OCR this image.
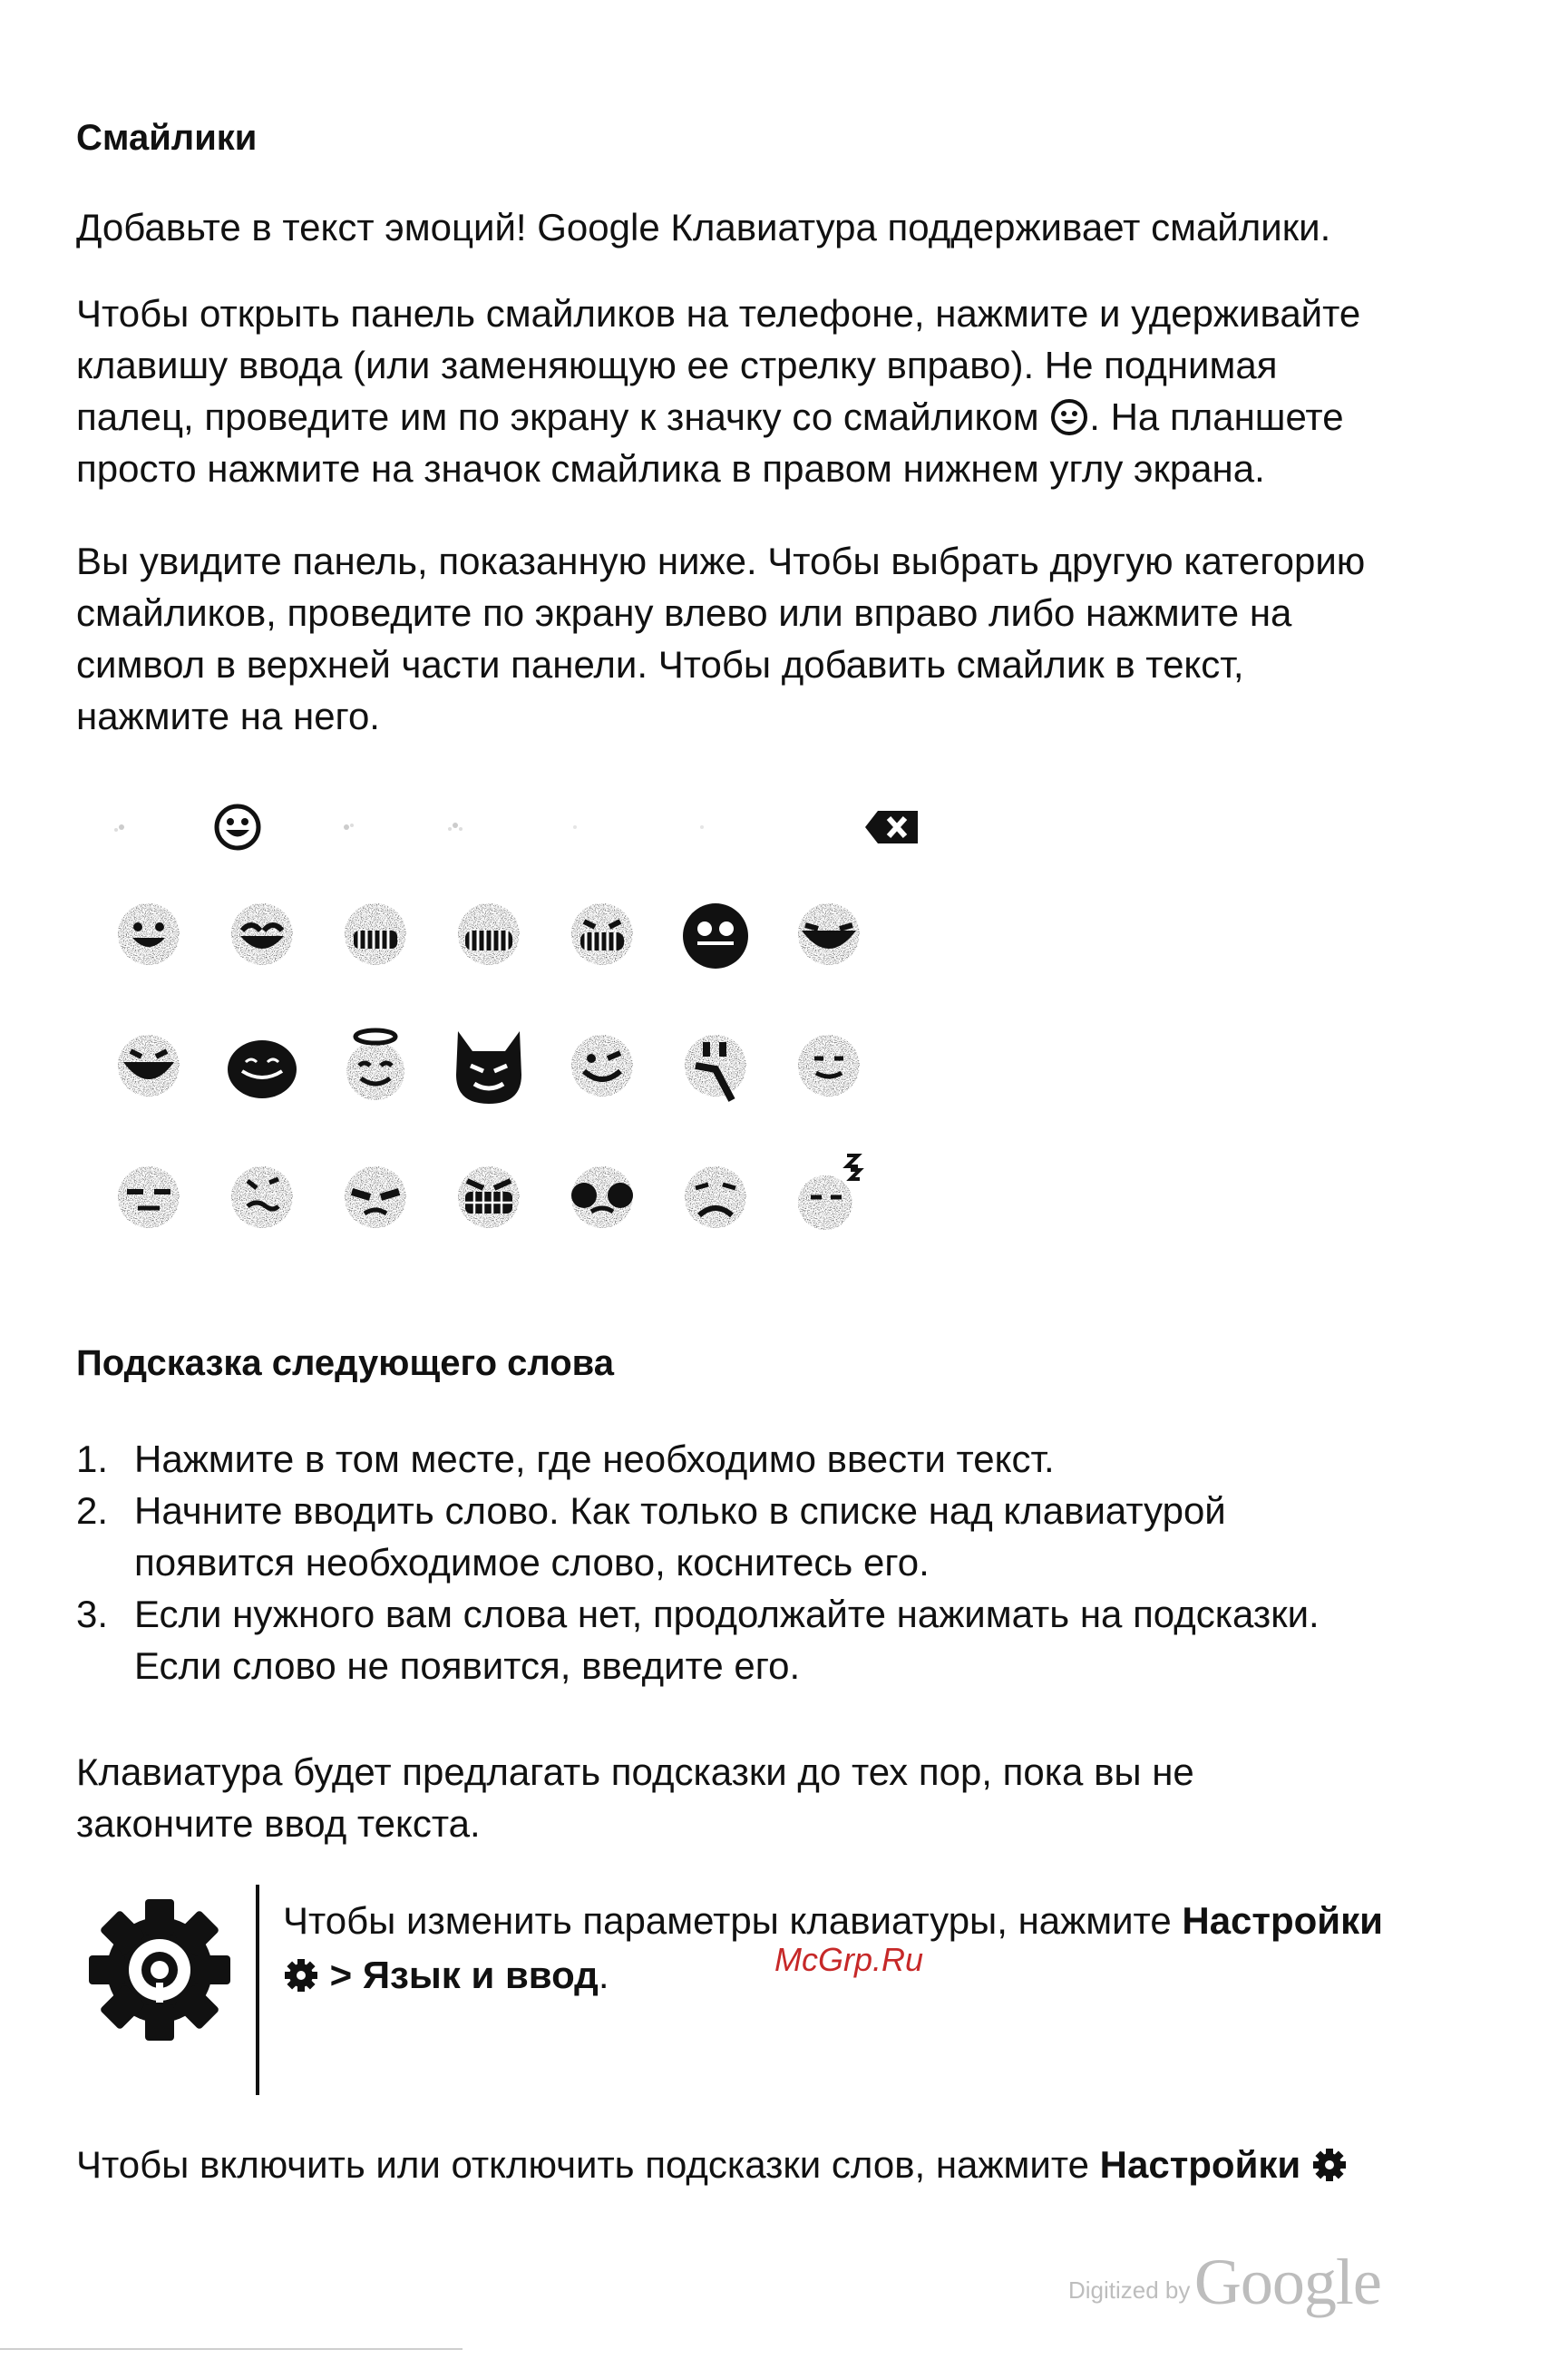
Смайлики

Добавьте в текст эмоций! Google Клавиатура поддерживает смайлики.

Чтобы открыть панель смайликов на телефоне, нажмите и удерживайте
клавишу ввода (или заменяющую ее стрелку вправо). Не поднимая
палец, проведите им по экрану к значку со смайликом . На планшете
просто нажмите на значок смайлика в правом нижнем углу экрана.
Вы увидите панель, показанную ниже. Чтобы выбрать другую категорию
смайликов, проведите по экрану влево или вправо либо нажмите на
символ в верхней части панели. Чтобы добавить смайлик в текст,
нажмите на него.
McGrp.Ru
Подсказка следующего слова
1. Нажмите в том месте, где необходимо ввести текст.
2. Начните вводить слово. Как только в списке над клавиатурой
появится необходимое слово, коснитесь его.
3. Если нужного вам слова нет, продолжайте нажимать на подсказки.
Если слово не появится, введите его.
Клавиатура будет предлагать подсказки до тех пор, пока вы не
закончите ввод текста.
Чтобы изменить параметры клавиатуры, нажмите Настройки
> Язык и ввод.
Чтобы включить или отключить подсказки слов, нажмите Настройки
Digitized by Google
